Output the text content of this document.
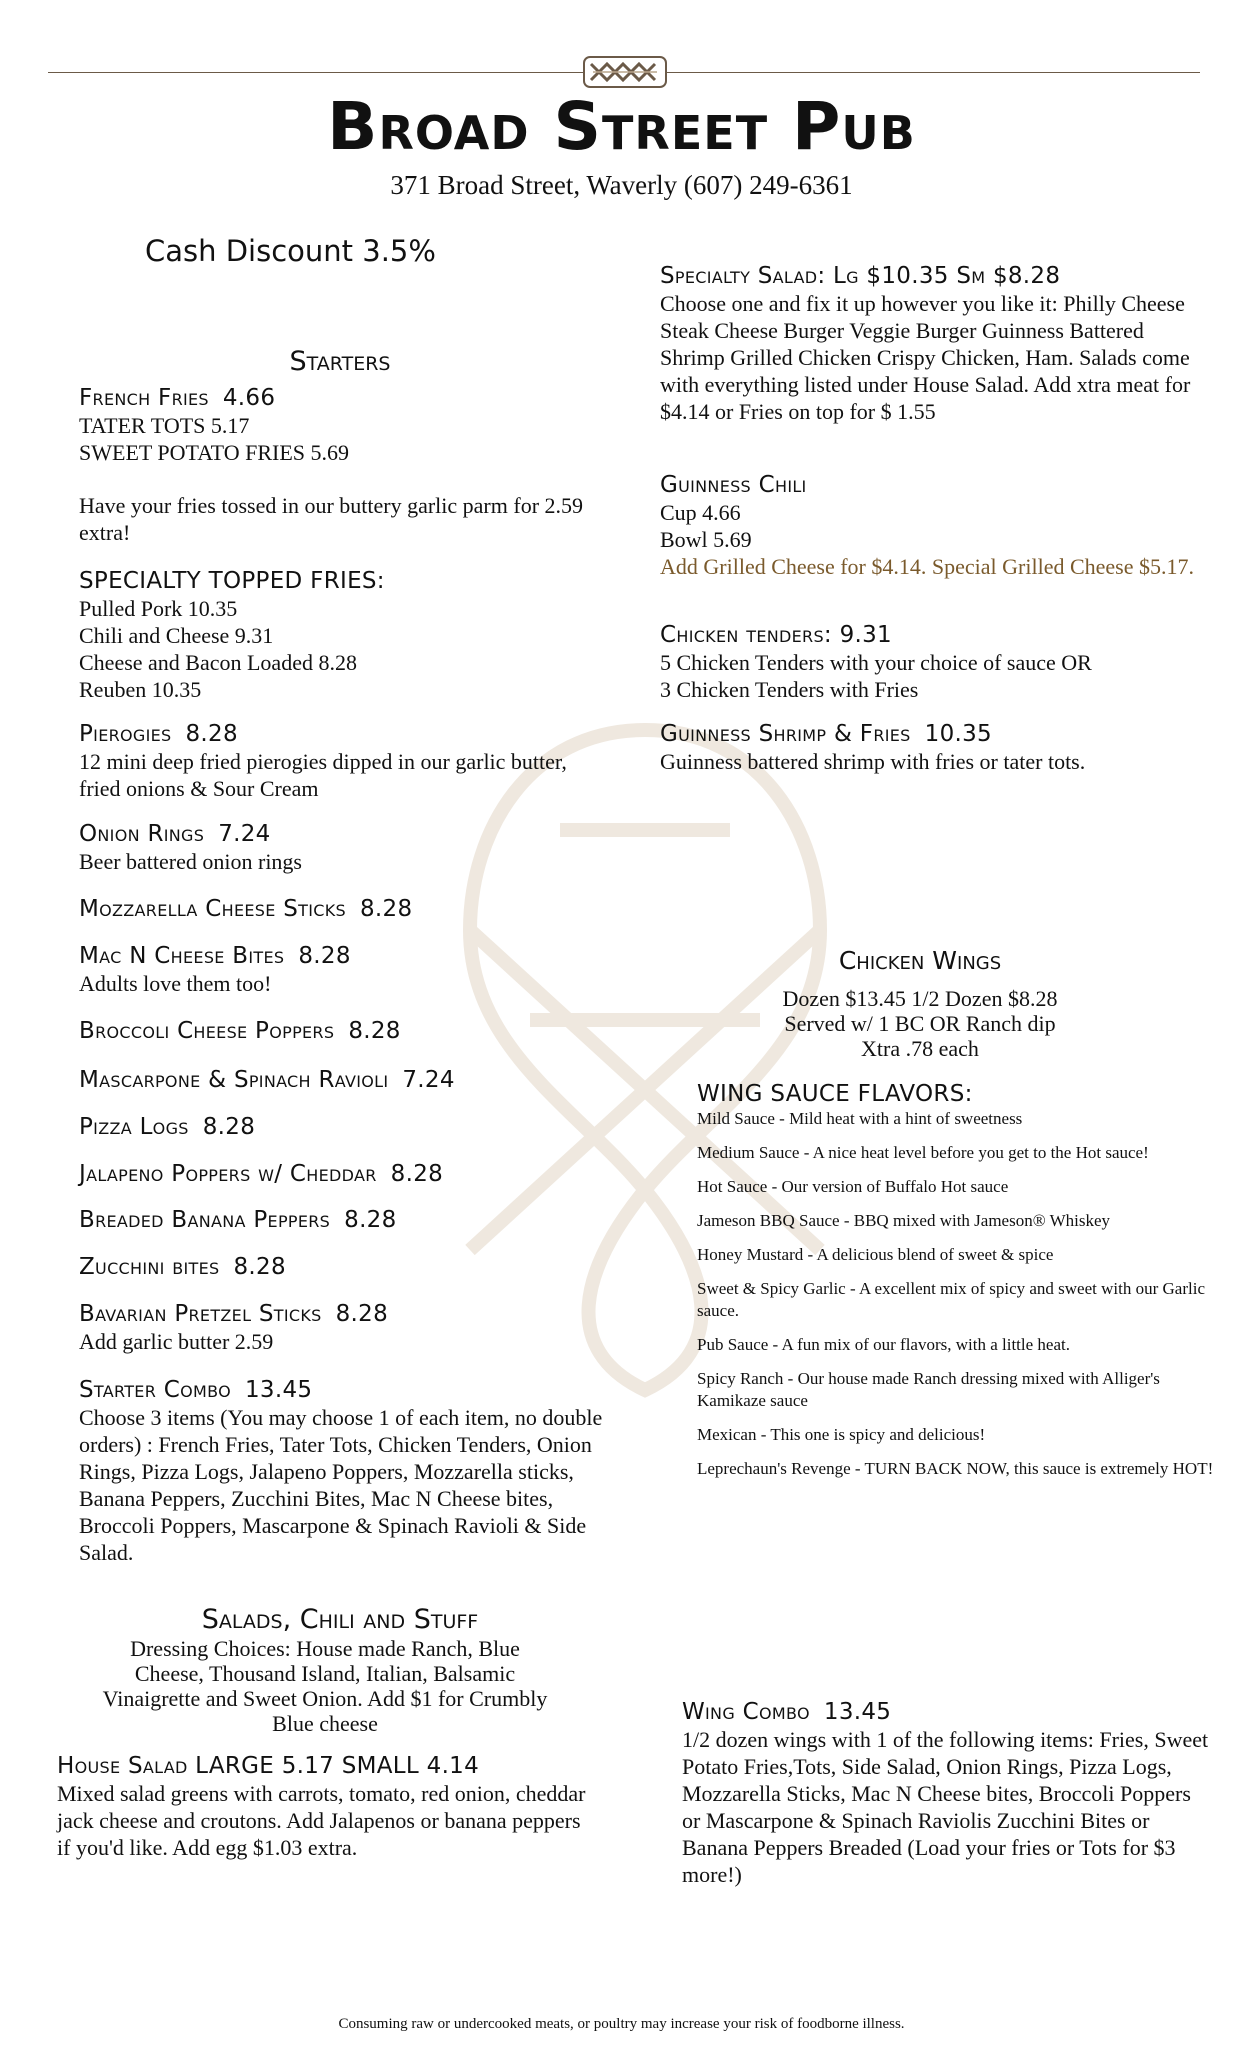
Broad Street Pub
371 Broad Street, Waverly (607) 249-6361
Cash Discount 3.5%
Starters
French Fries 4.66
TATER TOTS 5.17
SWEET POTATO FRIES 5.69
Have your fries tossed in our buttery garlic parm for 2.59 extra!
SPECIALTY TOPPED FRIES:
Pulled Pork 10.35
Chili and Cheese 9.31
Cheese and Bacon Loaded 8.28
Reuben 10.35
Pierogies 8.28
12 mini deep fried pierogies dipped in our garlic butter, fried onions & Sour Cream
Onion Rings 7.24
Beer battered onion rings
Mozzarella Cheese Sticks 8.28
Mac N Cheese Bites 8.28
Adults love them too!
Broccoli Cheese Poppers 8.28
Mascarpone & Spinach Ravioli 7.24
Pizza Logs 8.28
Jalapeno Poppers w/ Cheddar 8.28
Breaded Banana Peppers 8.28
Zucchini bites 8.28
Bavarian Pretzel Sticks 8.28
Add garlic butter 2.59
Starter Combo 13.45
Choose 3 items (You may choose 1 of each item, no double orders) : French Fries, Tater Tots, Chicken Tenders, Onion Rings, Pizza Logs, Jalapeno Poppers, Mozzarella sticks, Banana Peppers, Zucchini Bites, Mac N Cheese bites, Broccoli Poppers, Mascarpone & Spinach Ravioli & Side Salad.
Salads, Chili and Stuff
Dressing Choices: House made Ranch, Blue Cheese, Thousand Island, Italian, Balsamic Vinaigrette and Sweet Onion. Add $1 for Crumbly Blue cheese
House Salad LARGE 5.17 SMALL 4.14
Mixed salad greens with carrots, tomato, red onion, cheddar jack cheese and croutons. Add Jalapenos or banana peppers if you'd like. Add egg $1.03 extra.
Specialty Salad: Lg $10.35 Sm $8.28
Choose one and fix it up however you like it: Philly Cheese Steak Cheese Burger Veggie Burger Guinness Battered Shrimp Grilled Chicken Crispy Chicken, Ham. Salads come with everything listed under House Salad. Add xtra meat for $4.14 or Fries on top for $ 1.55
Guinness Chili
Cup 4.66
Bowl 5.69
Add Grilled Cheese for $4.14. Special Grilled Cheese $5.17.
Chicken tenders: 9.31
5 Chicken Tenders with your choice of sauce OR
3 Chicken Tenders with Fries
Guinness Shrimp & Fries 10.35
Guinness battered shrimp with fries or tater tots.
Chicken Wings
Dozen $13.45 1/2 Dozen $8.28
Served w/ 1 BC OR Ranch dip
Xtra .78 each
WING SAUCE FLAVORS:
Mild Sauce - Mild heat with a hint of sweetness
Medium Sauce - A nice heat level before you get to the Hot sauce!
Hot Sauce - Our version of Buffalo Hot sauce
Jameson BBQ Sauce - BBQ mixed with Jameson® Whiskey
Honey Mustard - A delicious blend of sweet & spice
Sweet & Spicy Garlic - A excellent mix of spicy and sweet with our Garlic sauce.
Pub Sauce - A fun mix of our flavors, with a little heat.
Spicy Ranch - Our house made Ranch dressing mixed with Alliger's Kamikaze sauce
Mexican - This one is spicy and delicious!
Leprechaun's Revenge - TURN BACK NOW, this sauce is extremely HOT!
Wing Combo 13.45
1/2 dozen wings with 1 of the following items: Fries, Sweet Potato Fries,Tots, Side Salad, Onion Rings, Pizza Logs, Mozzarella Sticks, Mac N Cheese bites, Broccoli Poppers or Mascarpone & Spinach Raviolis Zucchini Bites or Banana Peppers Breaded (Load your fries or Tots for $3 more!)
Consuming raw or undercooked meats, or poultry may increase your risk of foodborne illness.
